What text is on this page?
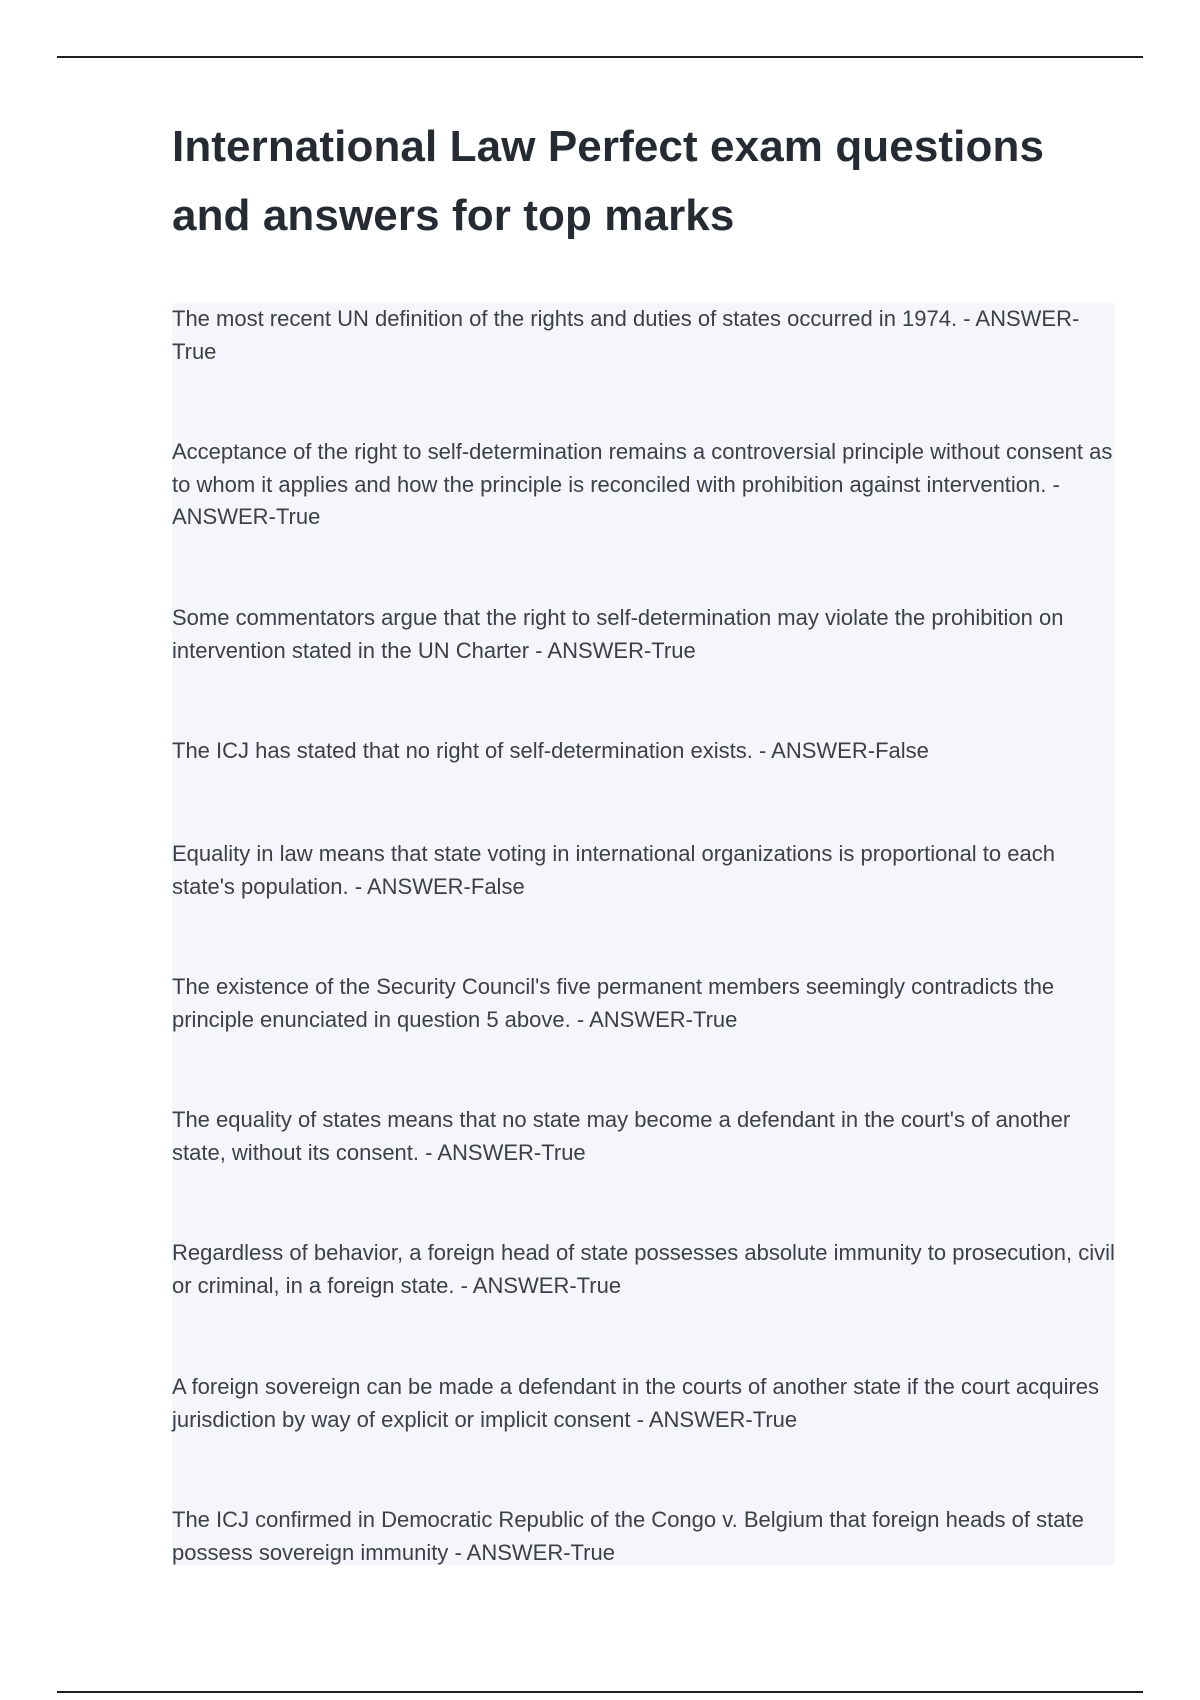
International Law Perfect exam questions and answers for top marks
The most recent UN definition of the rights and duties of states occurred in 1974. - ANSWER-True
Acceptance of the right to self-determination remains a controversial principle without consent as to whom it applies and how the principle is reconciled with prohibition against intervention. - ANSWER-True
Some commentators argue that the right to self-determination may violate the prohibition on intervention stated in the UN Charter - ANSWER-True
The ICJ has stated that no right of self-determination exists. - ANSWER-False
Equality in law means that state voting in international organizations is proportional to each state's population. - ANSWER-False
The existence of the Security Council's five permanent members seemingly contradicts the principle enunciated in question 5 above. - ANSWER-True
The equality of states means that no state may become a defendant in the court's of another state, without its consent. - ANSWER-True
Regardless of behavior, a foreign head of state possesses absolute immunity to prosecution, civil or criminal, in a foreign state. - ANSWER-True
A foreign sovereign can be made a defendant in the courts of another state if the court acquires jurisdiction by way of explicit or implicit consent - ANSWER-True
The ICJ confirmed in Democratic Republic of the Congo v. Belgium that foreign heads of state possess sovereign immunity - ANSWER-True
